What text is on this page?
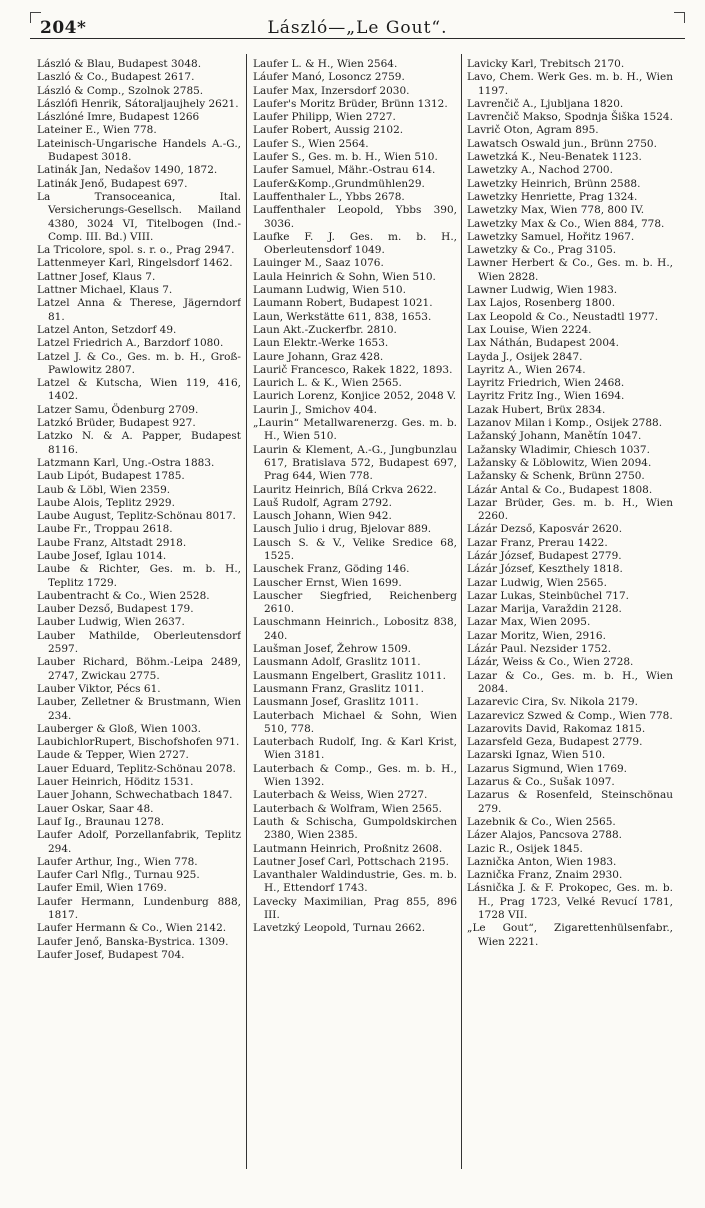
204*	László—„Le Gout“.

László & Blau, Budapest 3048.

Laszló & Co., Budapest 2617.

László & Comp., Szolnok 2785.

Lászlófi Henrik, Sátoraljaujhely 2621.

Lászlóné Imre, Budapest 1266

Lateiner E., Wien 778.

Lateinisch-Ungarische Handels A.-G., Budapest 3018.

Latinák Jan, Nedašov 1490, 1872.

Latinák Jenő, Budapest 697.

La Transoceanica, Ital. Versicherungs-Gesellsch. Mailand 4380, 3024 VI, Titelbogen (Ind.-Comp. III. Bd.) VIII.

La Tricolore, spol. s. r. o., Prag 2947.

Lattenmeyer Karl, Ringelsdorf 1462.

Lattner Josef, Klaus 7.

Lattner Michael, Klaus 7.

Latzel Anna & Therese, Jägerndorf 81.

Latzel Anton, Setzdorf 49.

Latzel Friedrich A., Barzdorf 1080.

Latzel J. & Co., Ges. m. b. H., Groß-Pawlowitz 2807.

Latzel & Kutscha, Wien 119, 416, 1402.

Latzer Samu, Ödenburg 2709.

Latzkó Brüder, Budapest 927.

Latzko N. & A. Papper, Budapest 8116.

Latzmann Karl, Ung.-Ostra 1883.

Laub Lipót, Budapest 1785.

Laub & Löbl, Wien 2359.

Laube Alois, Teplitz 2929.

Laube August, Teplitz-Schönau 8017.

Laube Fr., Troppau 2618.

Laube Franz, Altstadt 2918.

Laube Josef, Iglau 1014.

Laube & Richter, Ges. m. b. H., Teplitz 1729.

Laubentracht & Co., Wien 2528.

Lauber Dezső, Budapest 179.

Lauber Ludwig, Wien 2637.

Lauber Mathilde, Oberleutensdorf 2597.

Lauber Richard, Böhm.-Leipa 2489, 2747, Zwickau 2775.

Lauber Viktor, Pécs 61.

Lauber, Zelletner & Brustmann, Wien 234.

Lauberger & Gloß, Wien 1003.

LaubichlorRupert, Bischofshofen 971.

Laude & Tepper, Wien 2727.

Lauer Eduard, Teplitz-Schönau 2078.

Lauer Heinrich, Höditz 1531.

Lauer Johann, Schwechatbach 1847.

Lauer Oskar, Saar 48.

Lauf Ig., Braunau 1278.

Laufer Adolf, Porzellanfabrik, Teplitz 294.

Laufer Arthur, Ing., Wien 778.

Laufer Carl Nflg., Turnau 925.

Laufer Emil, Wien 1769.

Laufer Hermann, Lundenburg 888, 1817.

Laufer Hermann & Co., Wien 2142.

Laufer Jenő, Banska-Bystrica. 1309.

Laufer Josef, Budapest 704.

Laufer L. & H., Wien 2564.

Láufer Manó, Losoncz 2759.

Laufer Max, Inzersdorf 2030.

Laufer's Moritz Brüder, Brünn 1312.

Laufer Philipp, Wien 2727.

Laufer Robert, Aussig 2102.

Laufer S., Wien 2564.

Laufer S., Ges. m. b. H., Wien 510.

Laufer Samuel, Mähr.-Ostrau 614.

Laufer&Komp.,Grundmühlen29.

Lauffenthaler L., Ybbs 2678.

Lauffenthaler Leopold, Ybbs 390, 3036.

Laufke F. J. Ges. m. b. H., Oberleutensdorf 1049.

Lauinger M., Saaz 1076.

Laula Heinrich & Sohn, Wien 510.

Laumann Ludwig, Wien 510.

Laumann Robert, Budapest 1021.

Laun, Werkstätte 611, 838, 1653.

Laun Akt.-Zuckerfbr. 2810.

Laun Elektr.-Werke 1653.

Laure Johann, Graz 428.

Laurič Francesco, Rakek 1822, 1893.

Laurich L. & K., Wien 2565.

Laurich Lorenz, Konjice 2052, 2048 V.

Laurin J., Smichov 404.

„Laurin“ Metallwarenerzg. Ges. m. b. H., Wien 510.

Laurin & Klement, A.-G., Jungbunzlau 617, Bratislava 572, Budapest 697, Prag 644, Wien 778.

Lauritz Heinrich, Bílá Crkva 2622.

Lauš Rudolf, Agram 2792.

Lausch Johann, Wien 942.

Lausch Julio i drug, Bjelovar 889.

Lausch S. & V., Velike Sredice 68, 1525.

Lauschek Franz, Göding 146.

Lauscher Ernst, Wien 1699.

Lauscher Siegfried, Reichenberg 2610.

Lauschmann Heinrich., Lobositz 838, 240.

Laušman Josef, Žehrow 1509.

Lausmann Adolf, Graslitz 1011.

Lausmann Engelbert, Graslitz 1011.

Lausmann Franz, Graslitz 1011.

Lausmann Josef, Graslitz 1011.

Lauterbach Michael & Sohn, Wien 510, 778.

Lauterbach Rudolf, Ing. & Karl Krist, Wien 3181.

Lauterbach & Comp., Ges. m. b. H., Wien 1392.

Lauterbach & Weiss, Wien 2727.

Lauterbach & Wolfram, Wien 2565.

Lauth & Schischa, Gumpoldskirchen 2380, Wien 2385.

Lautmann Heinrich, Proßnitz 2608.

Lautner Josef Carl, Pottschach 2195.

Lavanthaler Waldindustrie, Ges. m. b. H., Ettendorf 1743.

Lavecky Maximilian, Prag 855, 896 III.

Lavetzký Leopold, Turnau 2662.

Lavicky Karl, Trebitsch 2170.

Lavo, Chem. Werk Ges. m. b. H., Wien 1197.

Lavrenčič A., Ljubljana 1820.

Lavrenčič Makso, Spodnja Šiška 1524.

Lavrič Oton, Agram 895.

Lawatsch Oswald jun., Brünn 2750.

Lawetzká K., Neu-Benatek 1123.

Lawetzky A., Nachod 2700.

Lawetzky Heinrich, Brünn 2588.

Lawetzky Henriette, Prag 1324.

Lawetzky Max, Wien 778, 800 IV.

Lawetzky Max & Co., Wien 884, 778.

Lawetzky Samuel, Hořitz 1967.

Lawetzky & Co., Prag 3105.

Lawner Herbert & Co., Ges. m. b. H., Wien 2828.

Lawner Ludwig, Wien 1983.

Lax Lajos, Rosenberg 1800.

Lax Leopold & Co., Neustadtl 1977.

Lax Louise, Wien 2224.

Lax Náthán, Budapest 2004.

Layda J., Osijek 2847.

Layritz A., Wien 2674.

Layritz Friedrich, Wien 2468.

Layritz Fritz Ing., Wien 1694.

Lazak Hubert, Brüx 2834.

Lazanov Milan i Komp., Osijek 2788.

Lažanský Johann, Manětín 1047.

Lažansky Wladimir, Chiesch 1037.

Lažansky & Löblowitz, Wien 2094.

Lažansky & Schenk, Brünn 2750.

Lázár Antal & Co., Budapest 1808.

Lazar Brüder, Ges. m. b. H., Wien 2260.

Lázár Dezső, Kaposvár 2620.

Lazar Franz, Prerau 1422.

Lázár József, Budapest 2779.

Lázár József, Keszthely 1818.

Lazar Ludwig, Wien 2565.

Lazar Lukas, Steinbüchel 717.

Lazar Marija, Varaždin 2128.

Lazar Max, Wien 2095.

Lazar Moritz, Wien, 2916.

Lázár Paul. Nezsider 1752.

Lázár, Weiss & Co., Wien 2728.

Lazar & Co., Ges. m. b. H., Wien 2084.

Lazarevic Cira, Sv. Nikola 2179.

Lazarevicz Szwed & Comp., Wien 778.

Lazarovits David, Rakomaz 1815.

Lazarsfeld Geza, Budapest 2779.

Lazarski Ignaz, Wien 510.

Lazarus Sigmund, Wien 1769.

Lazarus & Co., Sušak 1097.

Lazarus & Rosenfeld, Steinschönau 279.

Lazebnik & Co., Wien 2565.

Lázer Alajos, Pancsova 2788.

Lazic R., Osijek 1845.

Laznička Anton, Wien 1983.

Laznička Franz, Znaim 2930.

Lásnička J. & F. Prokopec, Ges. m. b. H., Prag 1723, Velké Revucí 1781, 1728 VII.

„Le Gout“, Zigarettenhülsenfabr., Wien 2221.
